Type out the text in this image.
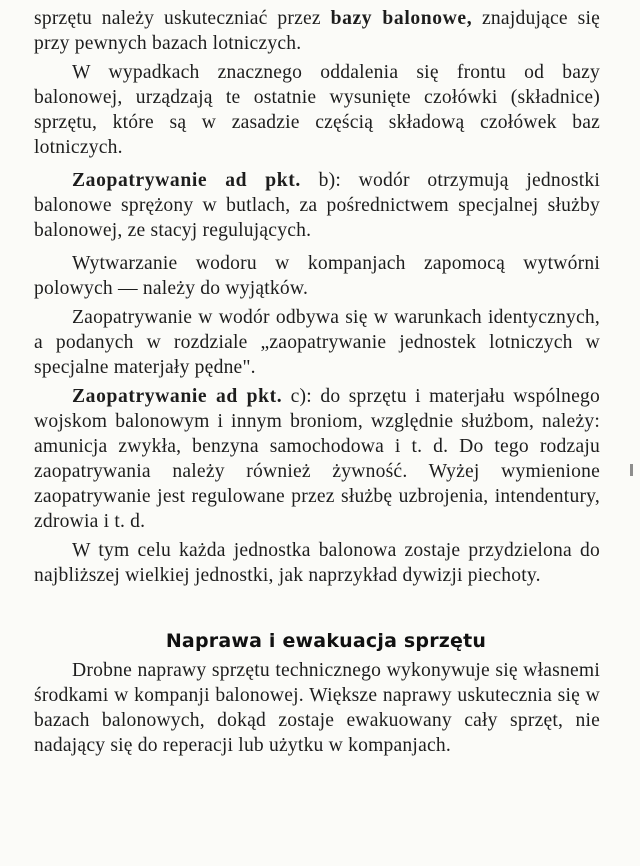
sprzętu należy uskuteczniać przez bazy balonowe, znajdujące się przy pewnych bazach lotniczych.

W wypadkach znacznego oddalenia się frontu od bazy balonowej, urządzają te ostatnie wysunięte czołówki (składnice) sprzętu, które są w zasadzie częścią składową czołówek baz lotniczych.

Zaopatrywanie ad pkt. b): wodór otrzymują jednostki balonowe sprężony w butlach, za pośrednictwem specjalnej służby balonowej, ze stacyj regulujących.

Wytwarzanie wodoru w kompanjach zapomocą wytwórni polowych — należy do wyjątków.

Zaopatrywanie w wodór odbywa się w warunkach identycznych, a podanych w rozdziale „zaopatrywanie jednostek lotniczych w specjalne materjały pędne".

Zaopatrywanie ad pkt. c): do sprzętu i materjału wspólnego wojskom balonowym i innym broniom, względnie służbom, należy: amunicja zwykła, benzyna samochodowa i t. d. Do tego rodzaju zaopatrywania należy również żywność. Wyżej wymienione zaopatrywanie jest regulowane przez służbę uzbrojenia, intendentury, zdrowia i t. d.

W tym celu każda jednostka balonowa zostaje przydzielona do najbliższej wielkiej jednostki, jak naprzykład dywizji piechoty.

Naprawa i ewakuacja sprzętu

Drobne naprawy sprzętu technicznego wykonywuje się własnemi środkami w kompanji balonowej. Większe naprawy uskutecznia się w bazach balonowych, dokąd zostaje ewakuowany cały sprzęt, nie nadający się do reperacji lub użytku w kompanjach.
